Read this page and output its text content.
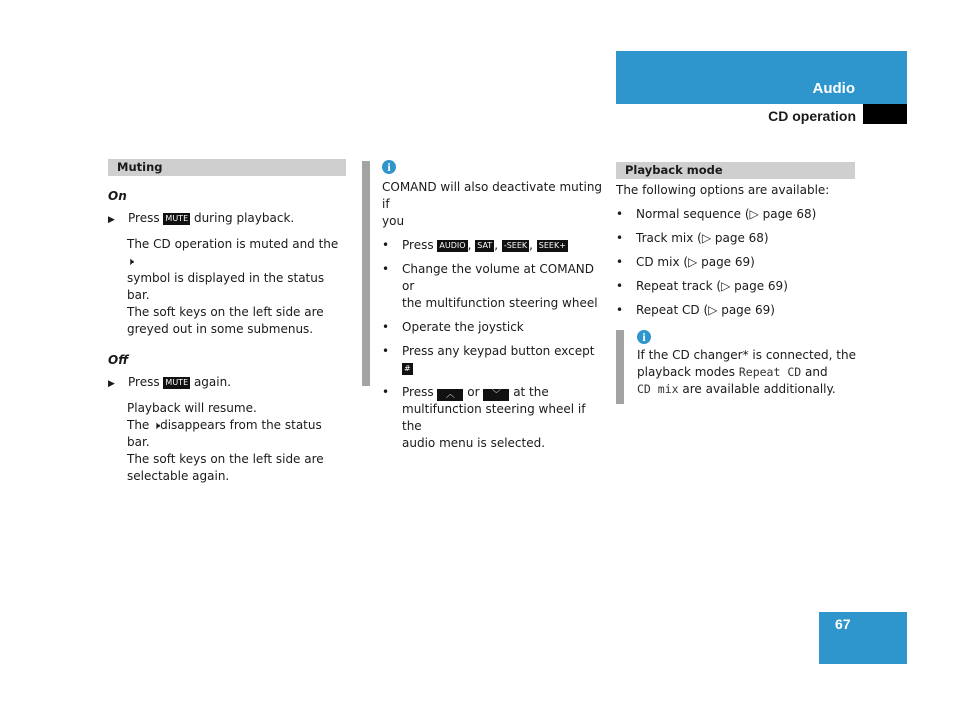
Audio
CD operation
Muting
On
▶ Press MUTE during playback.
The CD operation is muted and the 🕨
symbol is displayed in the status bar.
The soft keys on the left side are
greyed out in some submenus.
Off
▶ Press MUTE again.
Playback will resume.
The 🕨disappears from the status bar.
The soft keys on the left side are
selectable again.
i
COMAND will also deactivate muting if
you
• Press AUDIO , SAT , -SEEK , SEEK+
• Change the volume at COMAND or
the multifunction steering wheel
• Operate the joystick
• Press any keypad button except #
• Press ︿ or ﹀ at the
multifunction steering wheel if the
audio menu is selected.
Playback mode
The following options are available:
• Normal sequence (▷ page 68)
• Track mix (▷ page 68)
• CD mix (▷ page 69)
• Repeat track (▷ page 69)
• Repeat CD (▷ page 69)
i
If the CD changer* is connected, the
playback modes Repeat CD and
CD mix are available additionally.
67
